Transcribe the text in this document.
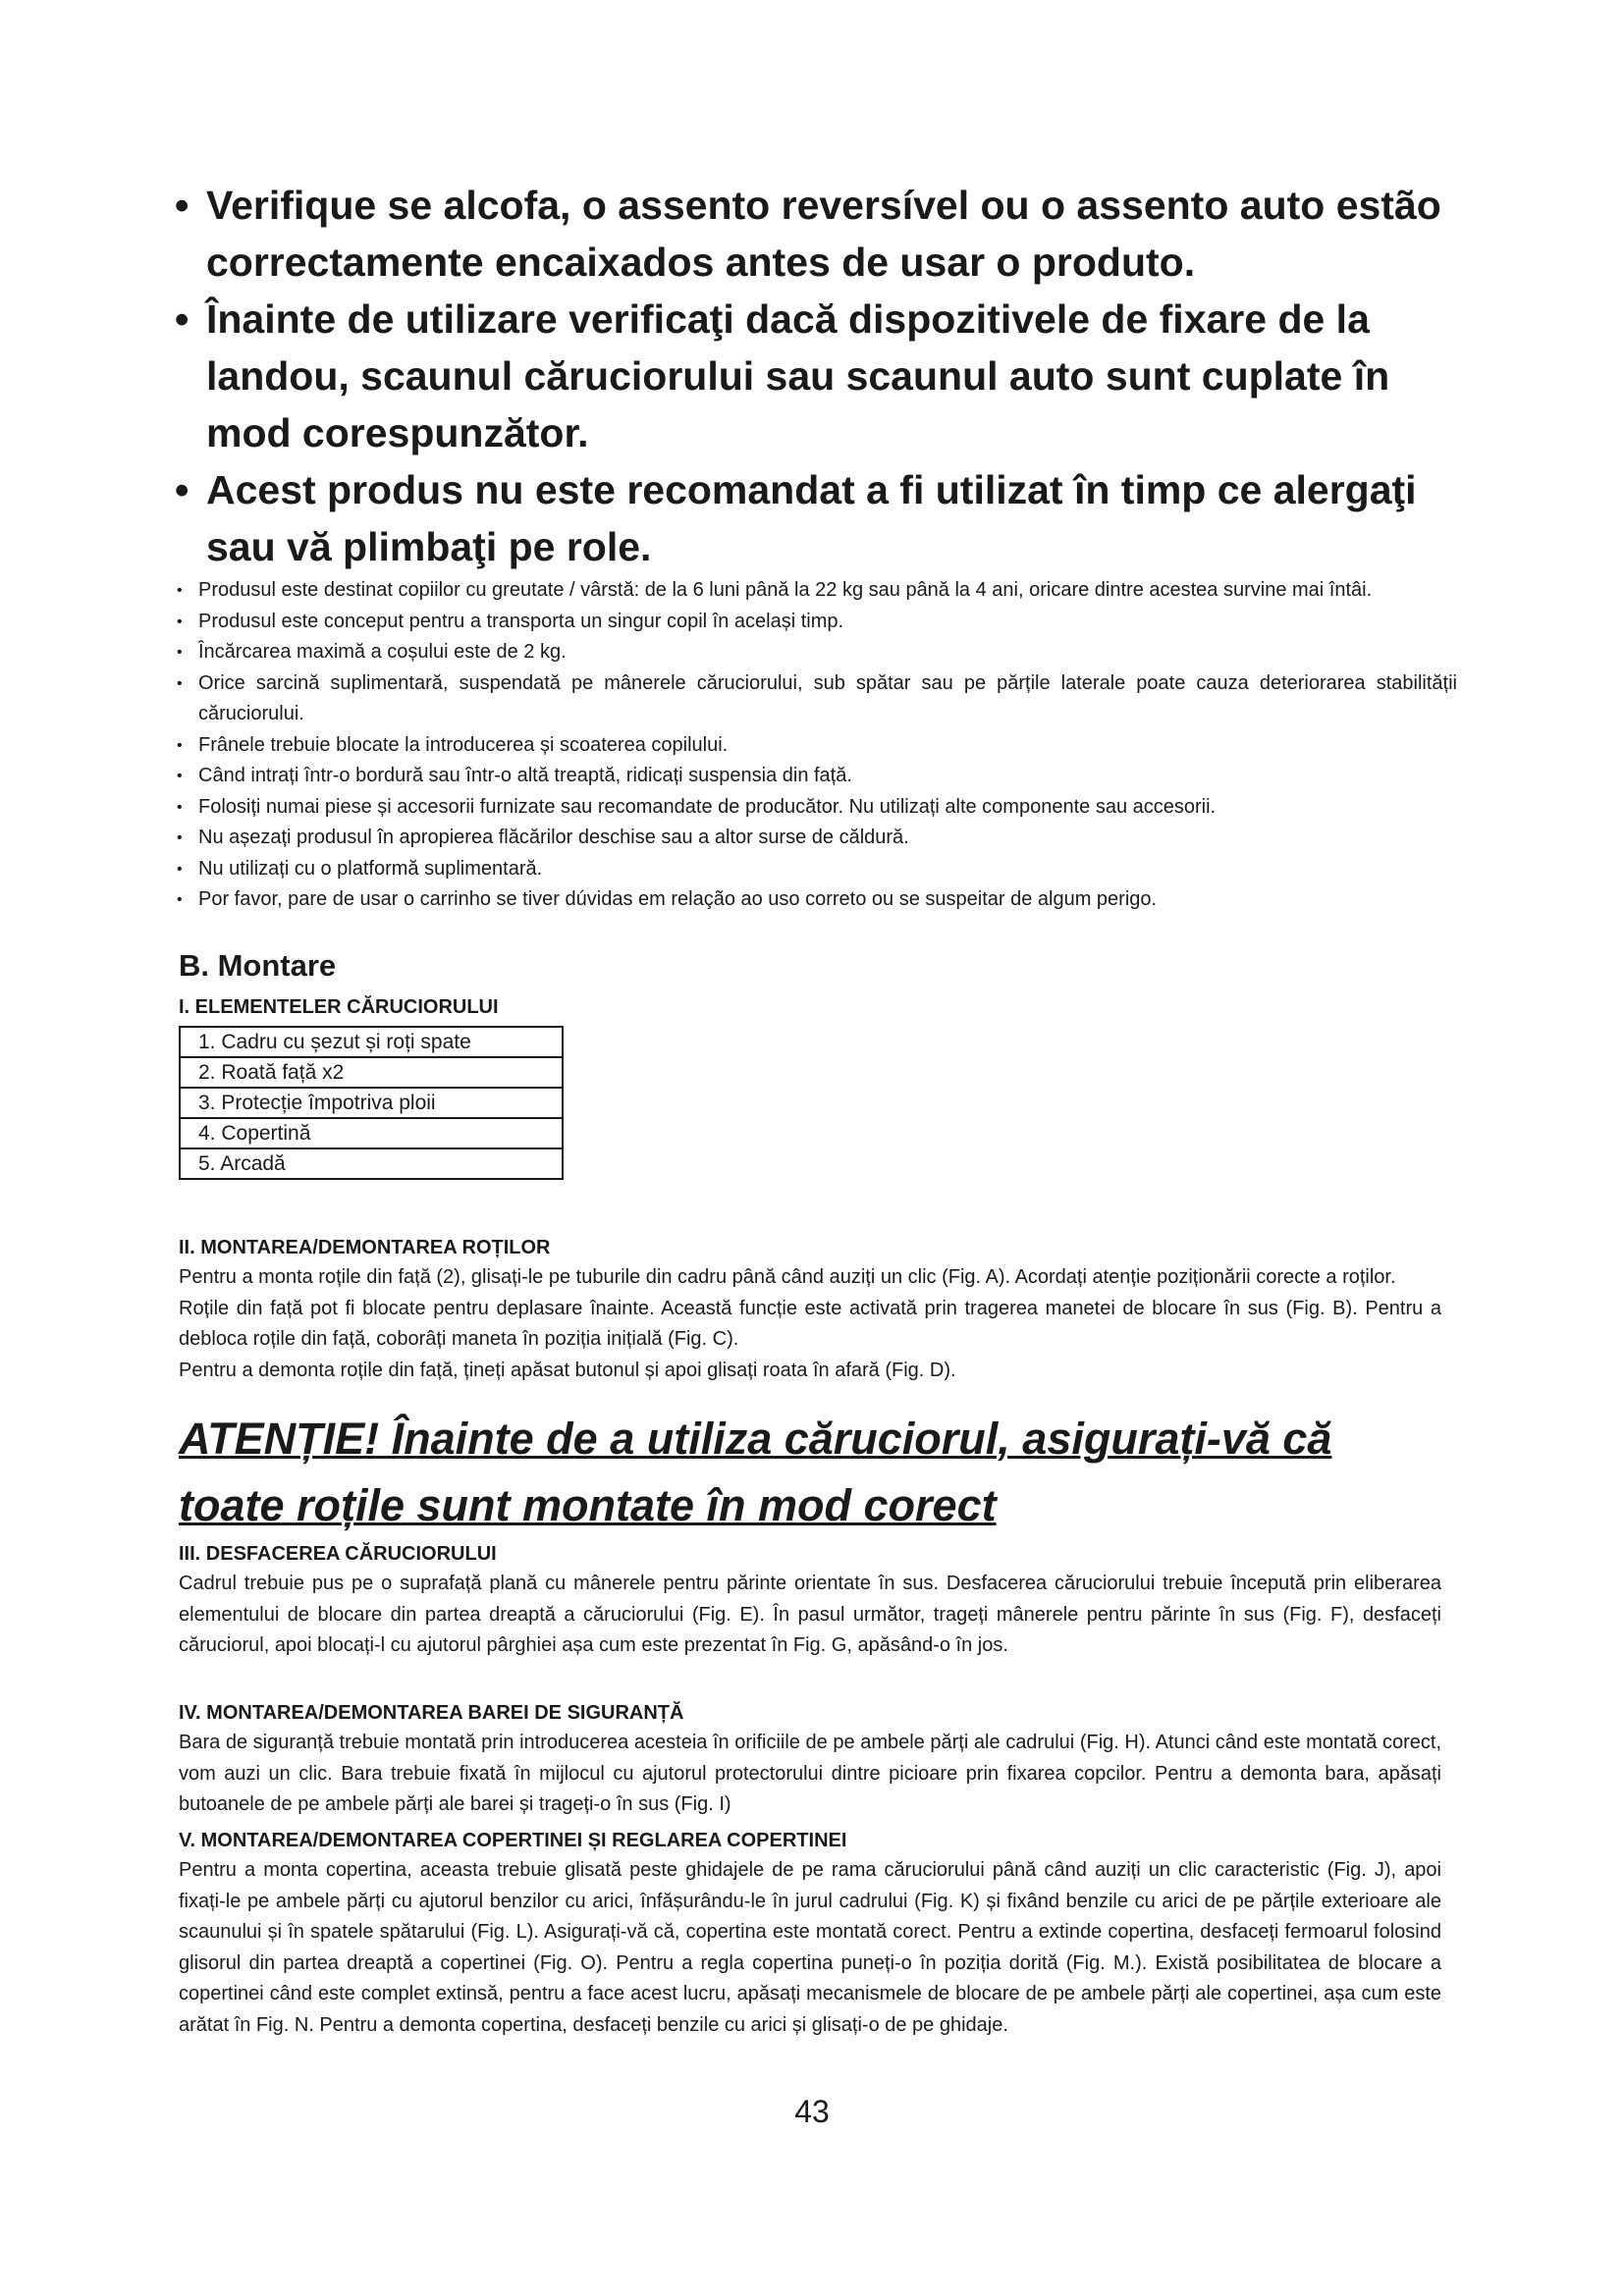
• Verifique se alcofa, o assento reversível ou o assento auto estão correctamente encaixados antes de usar o produto.
• Înainte de utilizare verificaţi dacă dispozitivele de fixare de la landou, scaunul căruciorului sau scaunul auto sunt cuplate în mod corespunzător.
• Acest produs nu este recomandat a fi utilizat în timp ce alergaţi sau vă plimbaţi pe role.
• Produsul este destinat copiilor cu greutate / vârstă: de la 6 luni până la 22 kg sau până la 4 ani, oricare dintre acestea survine mai întâi.
• Produsul este conceput pentru a transporta un singur copil în același timp.
• Încărcarea maximă a coșului este de 2 kg.
• Orice sarcină suplimentară, suspendată pe mânerele căruciorului, sub spătar sau pe părțile laterale poate cauza deteriorarea stabilității căruciorului.
• Frânele trebuie blocate la introducerea și scoaterea copilului.
• Când intrați într-o bordură sau într-o altă treaptă, ridicați suspensia din față.
• Folosiți numai piese și accesorii furnizate sau recomandate de producător. Nu utilizați alte componente sau accesorii.
• Nu așezați produsul în apropierea flăcărilor deschise sau a altor surse de căldură.
• Nu utilizați cu o platformă suplimentară.
• Por favor, pare de usar o carrinho se tiver dúvidas em relação ao uso correto ou se suspeitar de algum perigo.
B. Montare
I. ELEMENTELER CĂRUCIORULUI
1. Cadru cu șezut și roți spate
2. Roată față x2
3. Protecție împotriva ploii
4. Copertină
5. Arcadă
II. MONTAREA/DEMONTAREA ROȚILOR

Pentru a monta roțile din față (2), glisați-le pe tuburile din cadru până când auziți un clic (Fig. A). Acordați atenție poziționării corecte a roților.

Roțile din față pot fi blocate pentru deplasare înainte. Această funcție este activată prin tragerea manetei de blocare în sus (Fig. B). Pentru a debloca roțile din față, coborâți maneta în poziția inițială (Fig. C).

Pentru a demonta roțile din față, țineți apăsat butonul și apoi glisați roata în afară (Fig. D).

ATENȚIE! Înainte de a utiliza căruciorul, asigurați-vă că toate roțile sunt montate în mod corect

III. DESFACEREA CĂRUCIORULUI

Cadrul trebuie pus pe o suprafață plană cu mânerele pentru părinte orientate în sus. Desfacerea căruciorului trebuie începută prin eliberarea elementului de blocare din partea dreaptă a căruciorului (Fig. E). În pasul următor, trageți mânerele pentru părinte în sus (Fig. F), desfaceți căruciorul, apoi blocați-l cu ajutorul pârghiei așa cum este prezentat în Fig. G, apăsând-o în jos.

IV. MONTAREA/DEMONTAREA BAREI DE SIGURANȚĂ

Bara de siguranță trebuie montată prin introducerea acesteia în orificiile de pe ambele părți ale cadrului (Fig. H). Atunci când este montată corect, vom auzi un clic. Bara trebuie fixată în mijlocul cu ajutorul protectorului dintre picioare prin fixarea copcilor. Pentru a demonta bara, apăsați butoanele de pe ambele părți ale barei și trageți-o în sus (Fig. I)

V. MONTAREA/DEMONTAREA COPERTINEI ȘI REGLAREA COPERTINEI

Pentru a monta copertina, aceasta trebuie glisată peste ghidajele de pe rama căruciorului până când auziți un clic caracteristic (Fig. J), apoi fixați-le pe ambele părți cu ajutorul benzilor cu arici, înfășurându-le în jurul cadrului (Fig. K) și fixând benzile cu arici de pe părțile exterioare ale scaunului și în spatele spătarului (Fig. L). Asigurați-vă că, copertina este montată corect. Pentru a extinde copertina, desfaceți fermoarul folosind glisorul din partea dreaptă a copertinei (Fig. O). Pentru a regla copertina puneți-o în poziția dorită (Fig. M.). Există posibilitatea de blocare a copertinei când este complet extinsă, pentru a face acest lucru, apăsați mecanismele de blocare de pe ambele părți ale copertinei, așa cum este arătat în Fig. N. Pentru a demonta copertina, desfaceți benzile cu arici și glisați-o de pe ghidaje.

43
